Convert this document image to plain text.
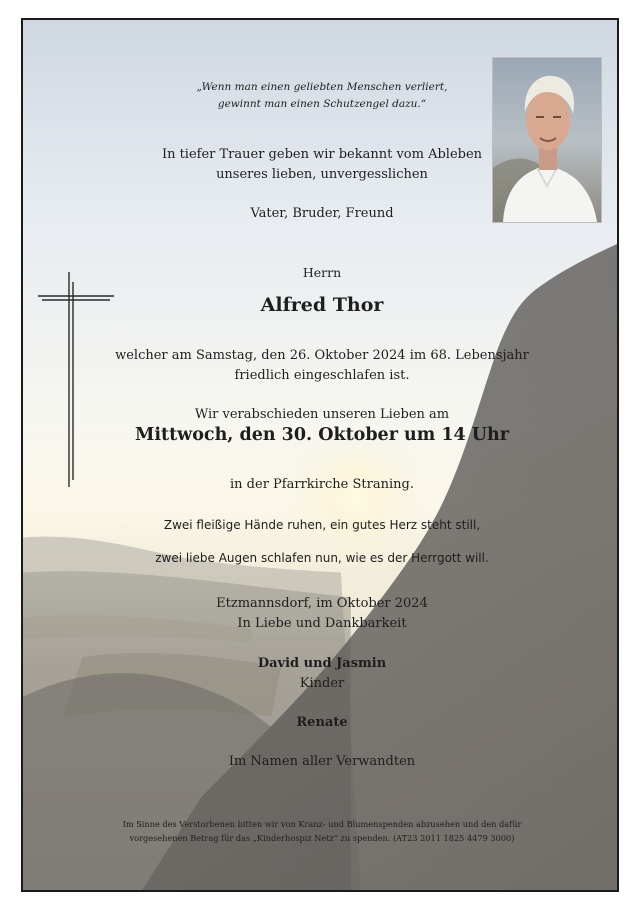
„Wenn man einen geliebten Menschen verliert,
gewinnt man einen Schutzengel dazu.“
In tiefer Trauer geben wir bekannt vom Ableben
unseres lieben, unvergesslichen
Vater, Bruder, Freund
Herrn
Alfred Thor
welcher am Samstag, den 26. Oktober 2024 im 68. Lebensjahr
friedlich eingeschlafen ist.
Wir verabschieden unseren Lieben am
Mittwoch, den 30. Oktober um 14 Uhr
in der Pfarrkirche Straning.
Zwei fleißige Hände ruhen, ein gutes Herz steht still,
zwei liebe Augen schlafen nun, wie es der Herrgott will.
Etzmannsdorf, im Oktober 2024
In Liebe und Dankbarkeit
David und Jasmin
Kinder
Renate
Im Namen aller Verwandten
Im Sinne des Verstorbenen bitten wir von Kranz- und Blumenspenden abzusehen und den dafür
vorgesehenen Betrag für das „Kinderhospiz Netz“ zu spenden. (AT23 2011 1825 4479 3000)
